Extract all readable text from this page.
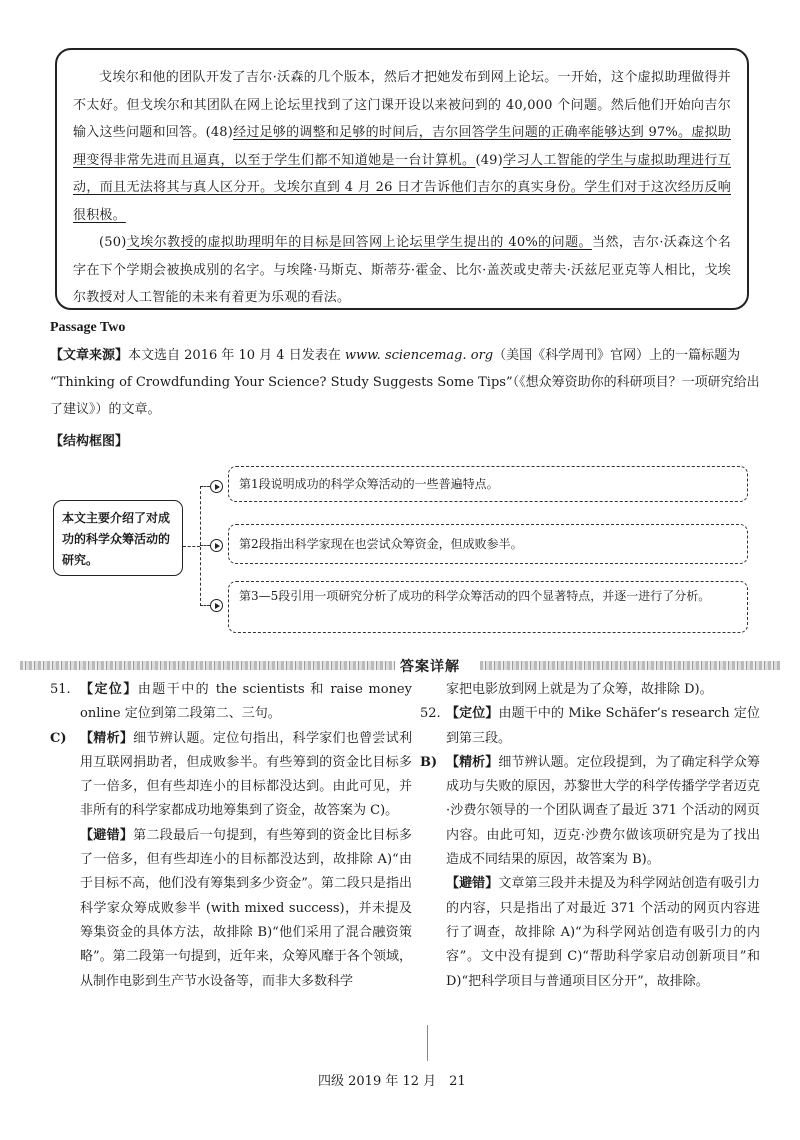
戈埃尔和他的团队开发了吉尔·沃森的几个版本，然后才把她发布到网上论坛。一开始，这个虚拟助理做得并不太好。但戈埃尔和其团队在网上论坛里找到了这门课开设以来被问到的 40,000 个问题。然后他们开始向吉尔输入这些问题和回答。(48)经过足够的调整和足够的时间后，吉尔回答学生问题的正确率能够达到 97%。虚拟助理变得非常先进而且逼真，以至于学生们都不知道她是一台计算机。(49)学习人工智能的学生与虚拟助理进行互动，而且无法将其与真人区分开。戈埃尔直到 4 月 26 日才告诉他们吉尔的真实身份。学生们对于这次经历反响很积极。

(50)戈埃尔教授的虚拟助理明年的目标是回答网上论坛里学生提出的 40%的问题。当然，吉尔·沃森这个名字在下个学期会被换成别的名字。与埃隆·马斯克、斯蒂芬·霍金、比尔·盖茨或史蒂夫·沃兹尼亚克等人相比，戈埃尔教授对人工智能的未来有着更为乐观的看法。

Passage Two

【文章来源】本文选自 2016 年 10 月 4 日发表在 www. sciencemag. org（美国《科学周刊》官网）上的一篇标题为 “Thinking of Crowdfunding Your Science? Study Suggests Some Tips”（《想众筹资助你的科研项目？一项研究给出了建议》）的文章。

【结构框图】
本文主要介绍了对成功的科学众筹活动的研究。
第1段说明成功的科学众筹活动的一些普遍特点。
第2段指出科学家现在也尝试众筹资金，但成败参半。
第3—5段引用一项研究分析了成功的科学众筹活动的四个显著特点，并逐一进行了分析。
答案详解
51. 【定位】由题干中的 the scientists 和 raise money online 定位到第二段第二、三句。

C) 【精析】细节辨认题。定位句指出，科学家们也曾尝试利用互联网捐助者，但成败参半。有些筹到的资金比目标多了一倍多，但有些却连小的目标都没达到。由此可见，并非所有的科学家都成功地筹集到了资金，故答案为 C)。

【避错】第二段最后一句提到，有些筹到的资金比目标多了一倍多，但有些却连小的目标都没达到，故排除 A)“由于目标不高，他们没有筹集到多少资金”。第二段只是指出科学家众筹成败参半 (with mixed success)，并未提及筹集资金的具体方法，故排除 B)“他们采用了混合融资策略”。第二段第一句提到，近年来，众筹风靡于各个领域，从制作电影到生产节水设备等，而非大多数科学

家把电影放到网上就是为了众筹，故排除 D)。

52. 【定位】由题干中的 Mike Schäfer’s research 定位到第三段。

B) 【精析】细节辨认题。定位段提到，为了确定科学众筹成功与失败的原因，苏黎世大学的科学传播学学者迈克·沙费尔领导的一个团队调查了最近 371 个活动的网页内容。由此可知，迈克·沙费尔做该项研究是为了找出造成不同结果的原因，故答案为 B)。

【避错】文章第三段并未提及为科学网站创造有吸引力的内容，只是指出了对最近 371 个活动的网页内容进行了调查，故排除 A)“为科学网站创造有吸引力的内容”。文中没有提到 C)“帮助科学家启动创新项目”和 D)“把科学项目与普通项目区分开”，故排除。

四级 2019 年 12 月　21
